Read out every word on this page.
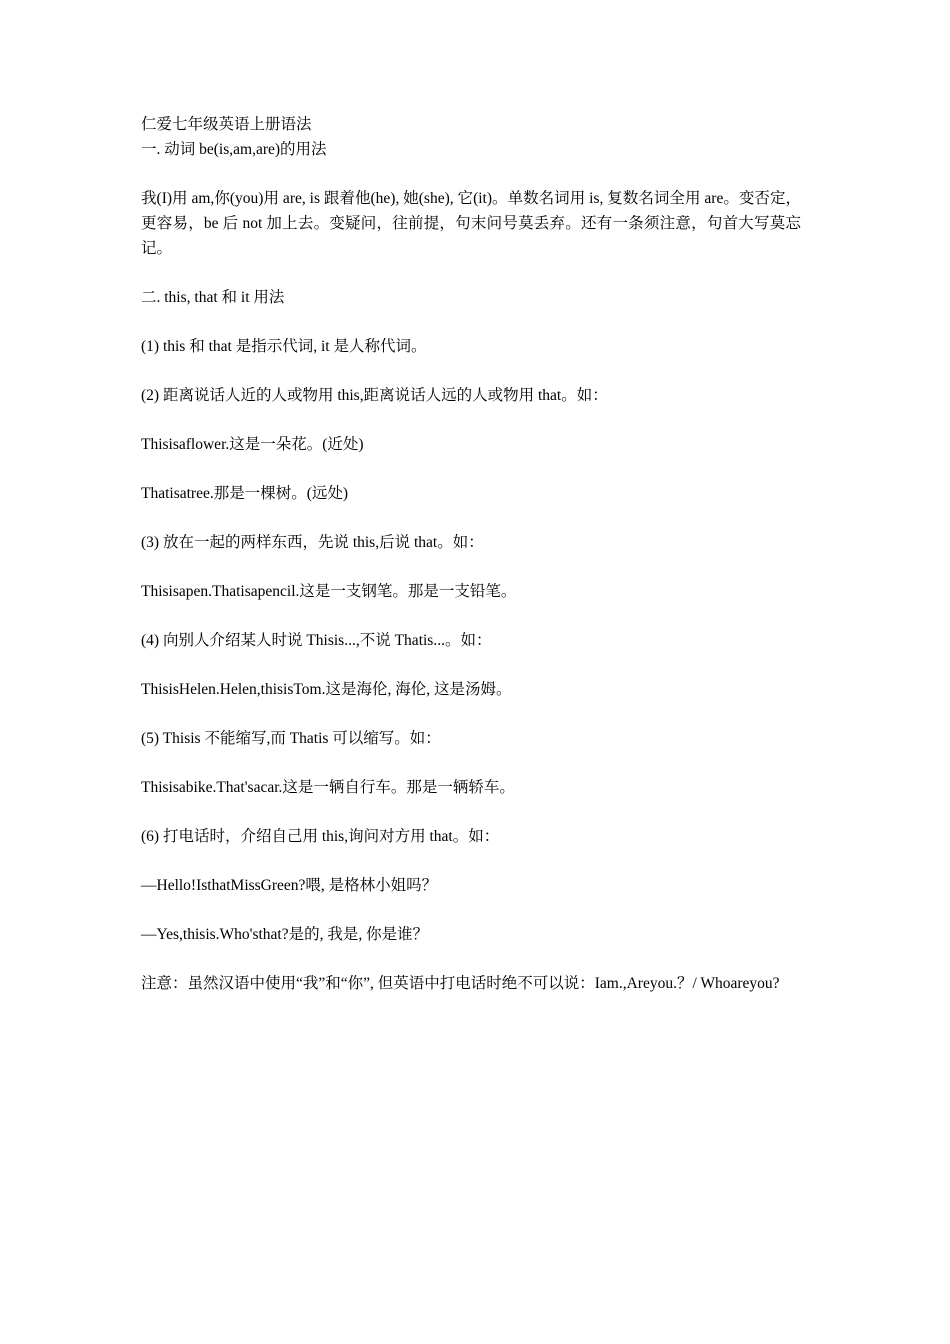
仁爱七年级英语上册语法

一. 动词 be(is,am,are)的用法

我(I)用 am,你(you)用 are, is 跟着他(he), 她(she), 它(it)。单数名词用 is, 复数名词全用 are。变否定，更容易，be 后 not 加上去。变疑问，往前提，句末问号莫丢弃。还有一条须注意，句首大写莫忘记。

二. this, that 和 it 用法

(1) this 和 that 是指示代词, it 是人称代词。

(2) 距离说话人近的人或物用 this,距离说话人远的人或物用 that。如：

Thisisaflower.这是一朵花。(近处)

Thatisatree.那是一棵树。(远处)

(3) 放在一起的两样东西，先说 this,后说 that。如：

Thisisapen.Thatisapencil.这是一支钢笔。那是一支铅笔。

(4) 向别人介绍某人时说 Thisis...,不说 Thatis...。如：

ThisisHelen.Helen,thisisTom.这是海伦, 海伦, 这是汤姆。

(5) Thisis 不能缩写,而 Thatis 可以缩写。如：

Thisisabike.That'sacar.这是一辆自行车。那是一辆轿车。

(6) 打电话时，介绍自己用 this,询问对方用 that。如：

—Hello!IsthatMissGreen?喂, 是格林小姐吗？

—Yes,thisis.Who'sthat?是的, 我是, 你是谁？

注意：虽然汉语中使用“我”和“你”, 但英语中打电话时绝不可以说：Iam.,Areyou.？/ Whoareyou?
